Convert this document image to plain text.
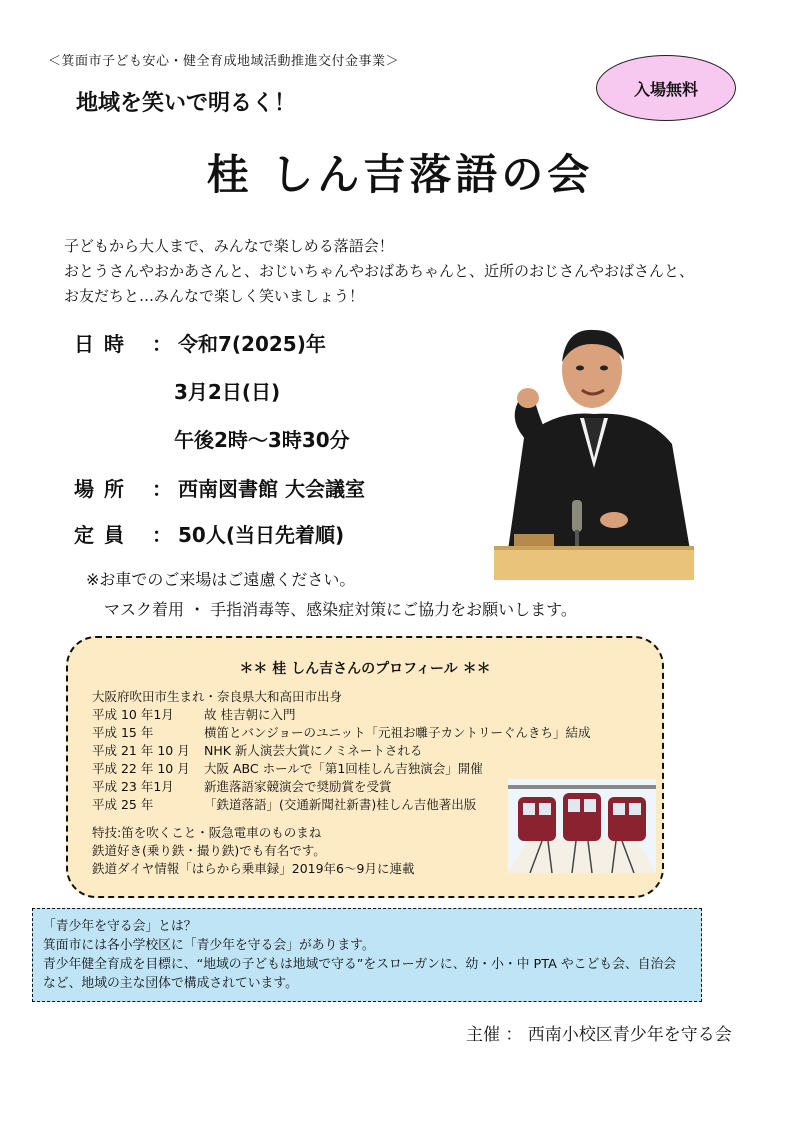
＜箕面市子ども安心・健全育成地域活動推進交付金事業＞
地域を笑いで明るく！
入場無料
桂 しん吉落語の会
子どもから大人まで、みんなで楽しめる落語会！
おとうさんやおかあさんと、おじいちゃんやおばあちゃんと、近所のおじさんやおばさんと、
お友だちと…みんなで楽しく笑いましょう！
日時 ： 令和7(2025)年
3月2日(日)
午後2時～3時30分
場所 ： 西南図書館 大会議室
定員 ： 50人(当日先着順)
※お車でのご来場はご遠慮ください。
マスク着用 ・ 手指消毒等、感染症対策にご協力をお願いします。
＊＊ 桂 しん吉さんのプロフィール ＊＊
大阪府吹田市生まれ・奈良県大和高田市出身
平成 10 年1月 故 桂吉朝に入門
平成 15 年	横笛とバンジョーのユニット「元祖お囃子カントリーぐんきち」結成
平成 21 年 10 月 NHK 新人演芸大賞にノミネートされる
平成 22 年 10 月 大阪 ABC ホールで「第1回桂しん吉独演会」開催
平成 23 年1月 新進落語家競演会で奨励賞を受賞
平成 25 年	「鉄道落語」(交通新聞社新書)桂しん吉他著出版
特技:笛を吹くこと・阪急電車のものまね
鉄道好き(乗り鉄・撮り鉄)でも有名です。
鉄道ダイヤ情報「はらから乗車録」2019年6～9月に連載
「青少年を守る会」とは？
箕面市には各小学校区に「青少年を守る会」があります。
青少年健全育成を目標に、“地域の子どもは地域で守る”をスローガンに、幼・小・中 PTA やこども会、自治会
など、地域の主な団体で構成されています。
主催 ： 西南小校区青少年を守る会
